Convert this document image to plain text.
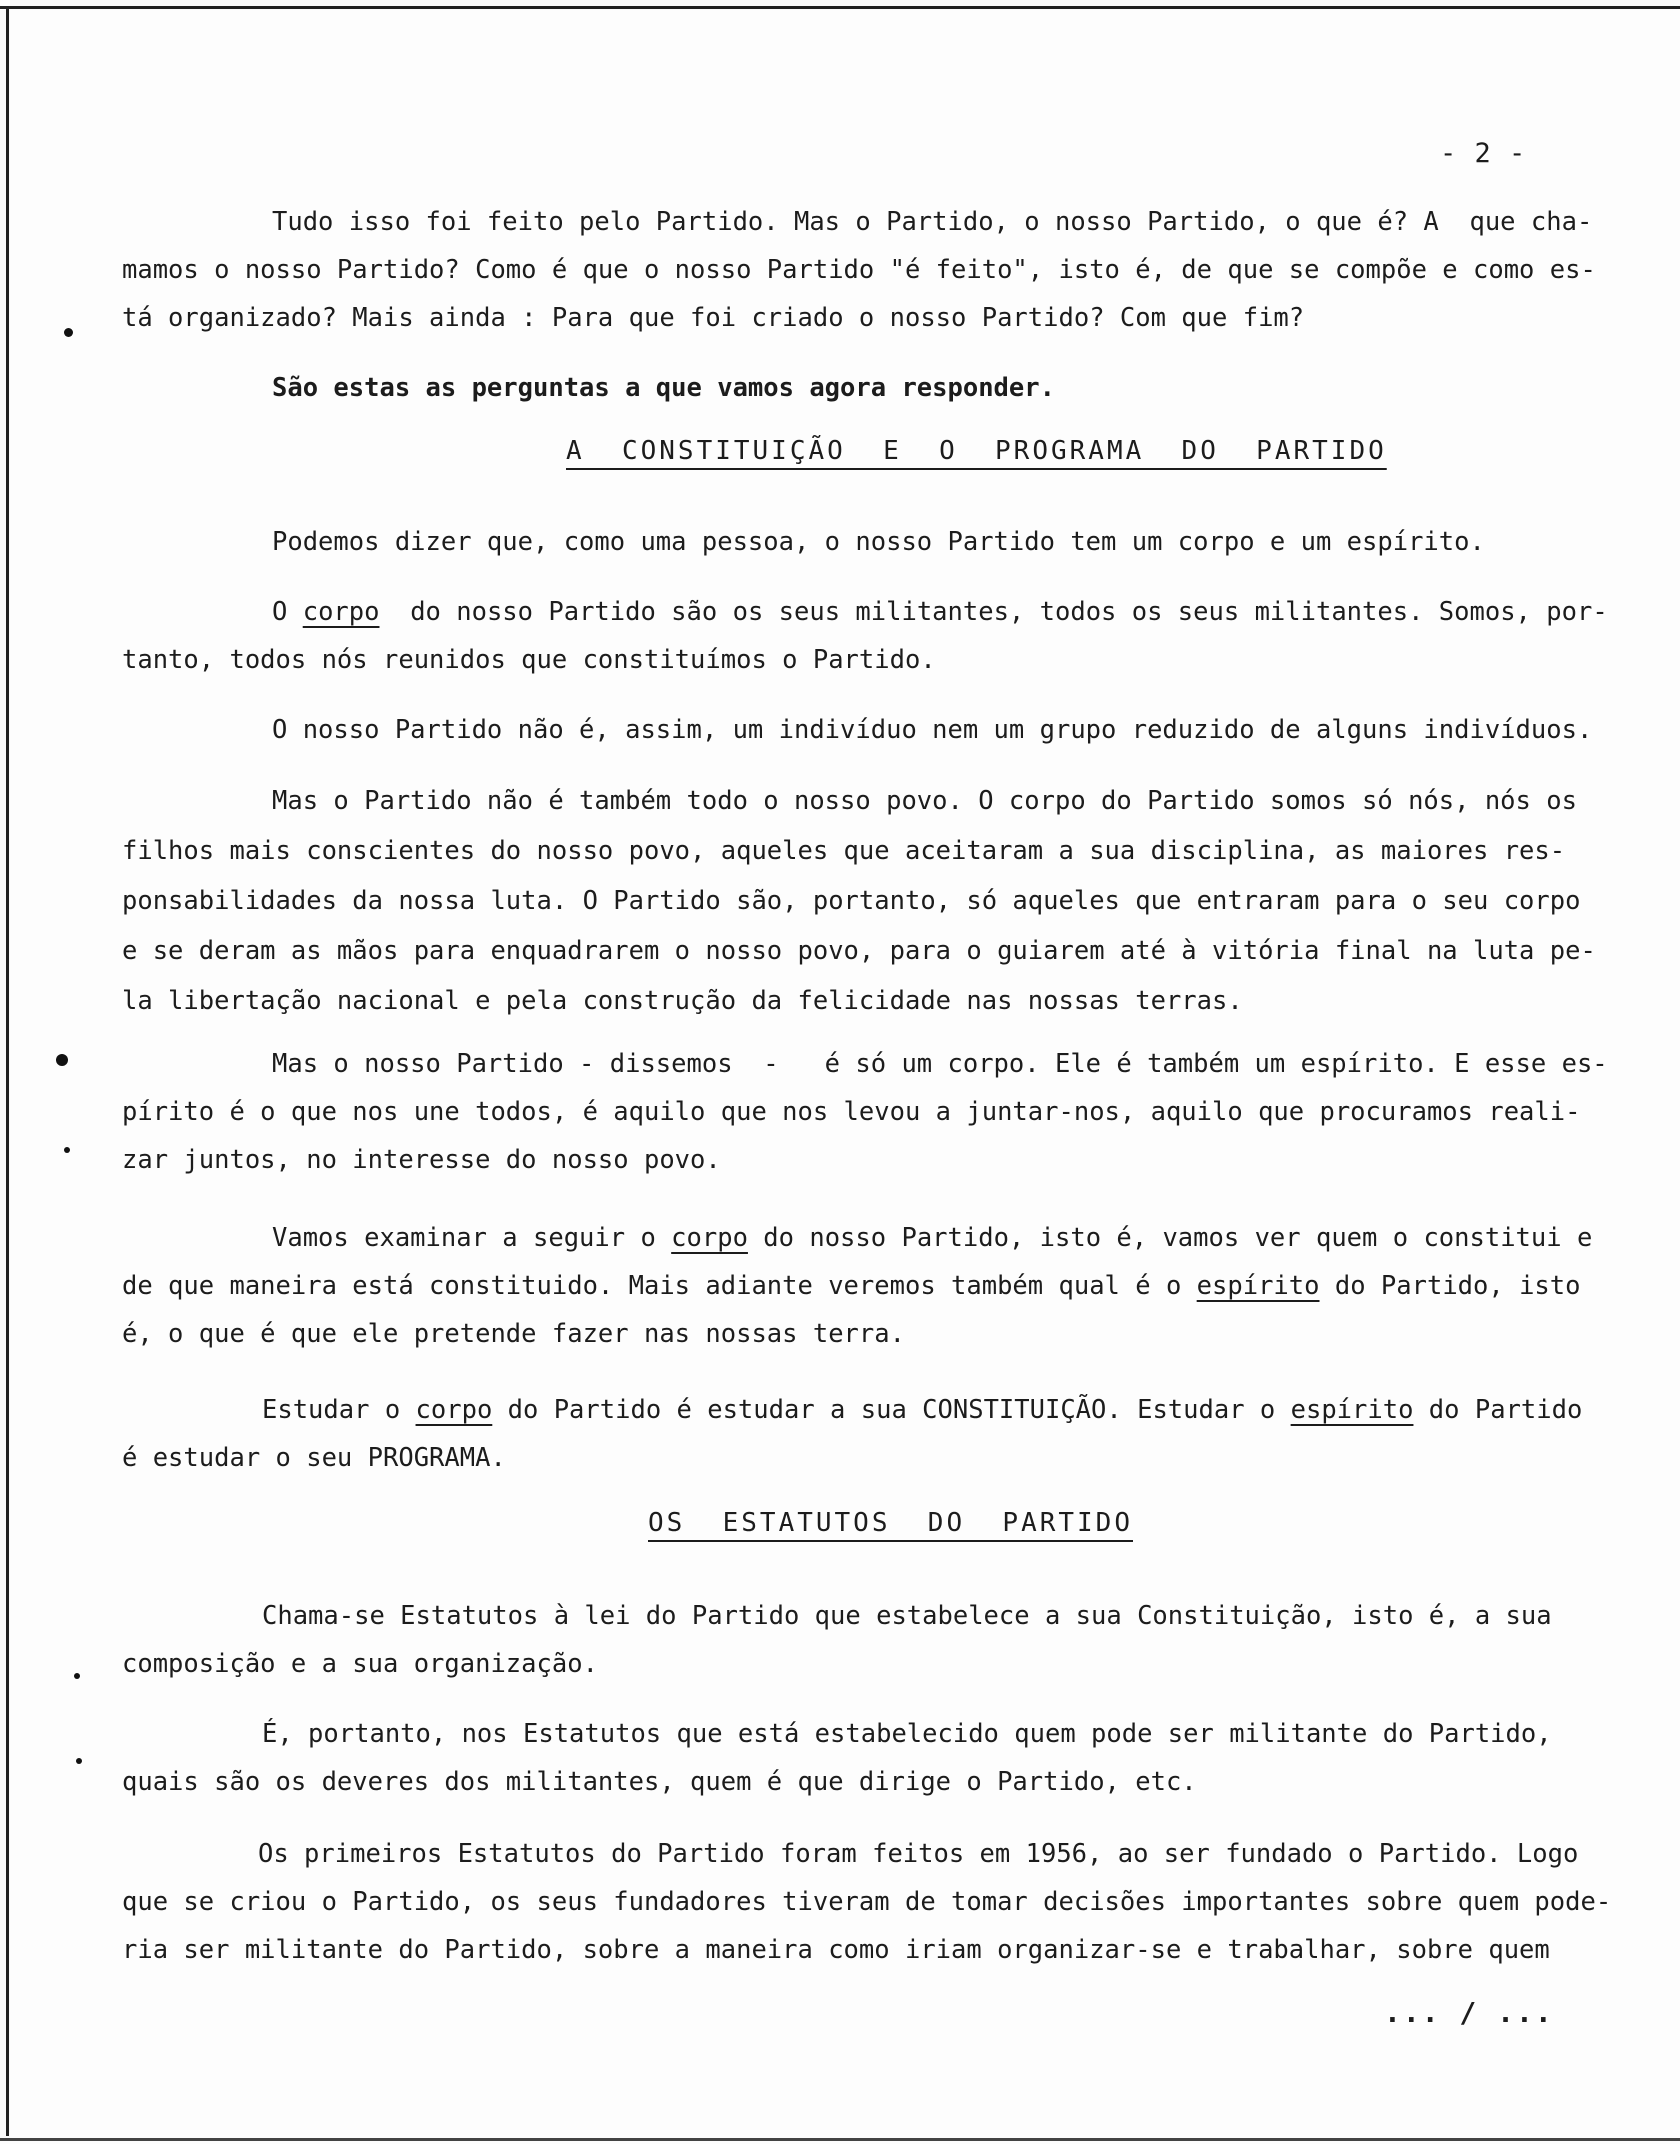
- 2 -
Tudo isso foi feito pelo Partido. Mas o Partido, o nosso Partido, o que é? A  que cha-
mamos o nosso Partido? Como é que o nosso Partido "é feito", isto é, de que se compõe e como es-
tá organizado? Mais ainda : Para que foi criado o nosso Partido? Com que fim?
São estas as perguntas a que vamos agora responder.
A  CONSTITUIÇÃO  E  O  PROGRAMA  DO  PARTIDO
Podemos dizer que, como uma pessoa, o nosso Partido tem um corpo e um espírito.
O corpo  do nosso Partido são os seus militantes, todos os seus militantes. Somos, por-
tanto, todos nós reunidos que constituímos o Partido.
O nosso Partido não é, assim, um indivíduo nem um grupo reduzido de alguns indivíduos.
Mas o Partido não é também todo o nosso povo. O corpo do Partido somos só nós, nós os
filhos mais conscientes do nosso povo, aqueles que aceitaram a sua disciplina, as maiores res-
ponsabilidades da nossa luta. O Partido são, portanto, só aqueles que entraram para o seu corpo
e se deram as mãos para enquadrarem o nosso povo, para o guiarem até à vitória final na luta pe-
la libertação nacional e pela construção da felicidade nas nossas terras.
Mas o nosso Partido - dissemos  -   é só um corpo. Ele é também um espírito. E esse es-
pírito é o que nos une todos, é aquilo que nos levou a juntar-nos, aquilo que procuramos reali-
zar juntos, no interesse do nosso povo.
Vamos examinar a seguir o corpo do nosso Partido, isto é, vamos ver quem o constitui e
de que maneira está constituido. Mais adiante veremos também qual é o espírito do Partido, isto
é, o que é que ele pretende fazer nas nossas terra.
Estudar o corpo do Partido é estudar a sua CONSTITUIÇÃO. Estudar o espírito do Partido
é estudar o seu PROGRAMA.
OS  ESTATUTOS  DO  PARTIDO
Chama-se Estatutos à lei do Partido que estabelece a sua Constituição, isto é, a sua
composição e a sua organização.
É, portanto, nos Estatutos que está estabelecido quem pode ser militante do Partido,
quais são os deveres dos militantes, quem é que dirige o Partido, etc.
Os primeiros Estatutos do Partido foram feitos em 1956, ao ser fundado o Partido. Logo
que se criou o Partido, os seus fundadores tiveram de tomar decisões importantes sobre quem pode-
ria ser militante do Partido, sobre a maneira como iriam organizar-se e trabalhar, sobre quem
... / ...
